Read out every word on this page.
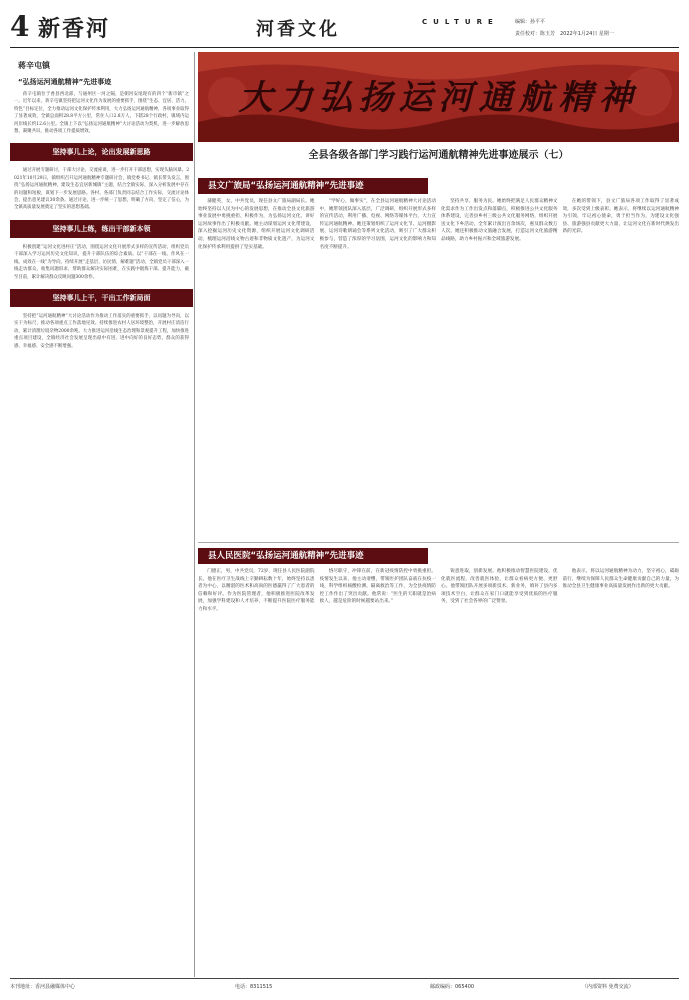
4 新香河	河香文化	CULTURE	编辑：孙平平
责任校对：陈玉芳　2022年1月24日 星期一
蒋辛屯镇
“弘扬运河通航精神”先进事迹

蒋辛屯镇位于香县西北部，与通州区一河之隔，是朝河安尾现有的四个“新市镇”之一。近年以来，蒋辛屯镇坚持把运河文化作为发展的重要抓手，围绕“生态、宜居、活力、特色”目标定位，全力推动运河文化保护传承利用，大力弘扬运河通航精神，各项事业取得了显著成效，全镇总面积28.8平方公里，常住人口2.8万人，下辖28个行政村，镇域内运河岸线长约12.6公里。全镇上下以“弘扬运河通航精神”大讨论活动为契机，进一步解放思想、凝聚共识，推动各项工作提质增效。

坚持事儿上论，论出发展新思路

通过开展专题研讨，干部大讨论、交流座谈，进一步打开干部思想，实现头脑风暴。2021年10月29日，镇组织召开运河通航精神专题研讨会，镇党委书记、镇长带头发言，围绕“弘扬运河通航精神，建设生态宜居新城镇”主题，结合全镇实际，深入分析发展中存在的问题和短板，谋划下一步发展思路。各村、各部门负责同志结合工作实际，交流讨论体会，提出意见建议30余条。通过讨论，进一步统一了思想，明确了方向，坚定了信心，为全镇高质量发展奠定了坚实的思想基础。

坚持事儿上练，练出干部新本领

积极创建“运河文化进村庄”活动，围绕运河文化开展形式多样的宣传活动，组织党员干部深入学习运河历史文化知识，提升干部队伍的综合素质。以“干部在一线、作风在一线、成效在一线”为导向，持续开展“走基层、访民情、解难题”活动，全镇党员干部深入一线走访群众，收集问题诉求，帮助群众解决实际困难，在实践中锻炼干部、提升能力，截至目前，累计解决群众反映问题300余件。

坚持事儿上干，干出工作新局面

坚持把“运河通航精神”大讨论活动作为推动工作落实的重要抓手，以问题为导向，以实干为标尺，推动各项重点工作落地见效。持续推进农村人居环境整治，开展村庄清洁行动，累计清理垃圾杂物2000余吨。大力推进运河沿线生态治理和景观提升工程，加快推进重点项目建设，全镇经济社会发展呈现出稳中有进、进中向好的良好态势，群众的获得感、幸福感、安全感不断增强。

大力弘扬运河通航精神
全县各级各部门学习践行运河通航精神先进事迹展示（七）
县文广旅局“弘扬运河通航精神”先进事迹

蒲健英，女，中共党员，现任县文广旅局副局长。她始终坚持以人民为中心的发展思想，在推动全县文化旅游事业发展中勇挑重担、积极作为，为弘扬运河文化、讲好运河故事作出了积极贡献。她主动谋划运河文化带建设，深入挖掘运河历史文化资源，组织开展运河文化调研活动，梳理运河沿线文物古迹和非物质文化遗产，为运河文化保护传承利用提供了坚实基础。

“学好心，做事实”，在全县运河通航精神大讨论活动中，她带领团队深入基层，广泛调研，组织开展形式多样的宣传活动，利用广播、电视、网络等媒体平台，大力宣传运河通航精神。她还策划组织了运河文化节、运河摄影展、运河诗歌朗诵会等系列文化活动，吸引了广大群众积极参与，营造了浓厚的学习氛围，运河文化的影响力和知名度不断提升。

坚持共享，服务为民。她始终把满足人民群众精神文化需求作为工作出发点和落脚点，积极推进公共文化服务体系建设，完善县乡村三级公共文化服务网络，组织开展送文化下乡活动，全年累计演出百余场次，惠及群众数万人次。她还积极推动文旅融合发展，打造运河文化旅游精品线路，助力乡村振兴和全域旅游发展。

在她的带领下，县文广旅局各项工作取得了显著成效，多次受到上级表彰。她表示，将继续以运河通航精神为引领，牢记初心使命，勇于担当作为，为建设文化强县、旅游强县贡献更大力量，让运河文化在新时代焕发出新的光彩。

县人民医院“弘扬运河通航精神”先进事迹

门德正，男，中共党员，72岁，现任县人民医院副院长。他在医疗卫生战线上辛勤耕耘数十年，始终坚持以患者为中心，以精湛的医术和高尚的医德赢得了广大患者的信赖和好评。作为医院管理者，他积极推进医院改革发展，加强学科建设和人才培养，不断提升医院医疗服务能力和水平。

恪尽职守，冲锋在前，在新冠疫情防控中勇挑重担。疫情发生以来，他主动请缨，带领医护团队奋战在抗疫一线，科学组织核酸检测、隔离救治等工作，为全县疫情防控工作作出了突出贡献。他常说：“医生的天职就是治病救人，越是危险的时候越要站出来。”

锐意进取，创新发展。他积极推动智慧医院建设，优化就医流程，改善就医体验，让群众看病更方便、更舒心。他带领团队开展多项新技术、新业务，填补了县内多项技术空白，让群众在家门口就能享受到优质的医疗服务，受到了社会各界的广泛赞誉。

他表示，将以运河通航精神为动力，坚守初心，砥砺前行，继续为保障人民群众生命健康贡献自己的力量，为推动全县卫生健康事业高质量发展作出新的更大贡献。

本刊地址：香河县融媒体中心	电话：8311515	邮政编码：065400	（内部资料 免费交流）
